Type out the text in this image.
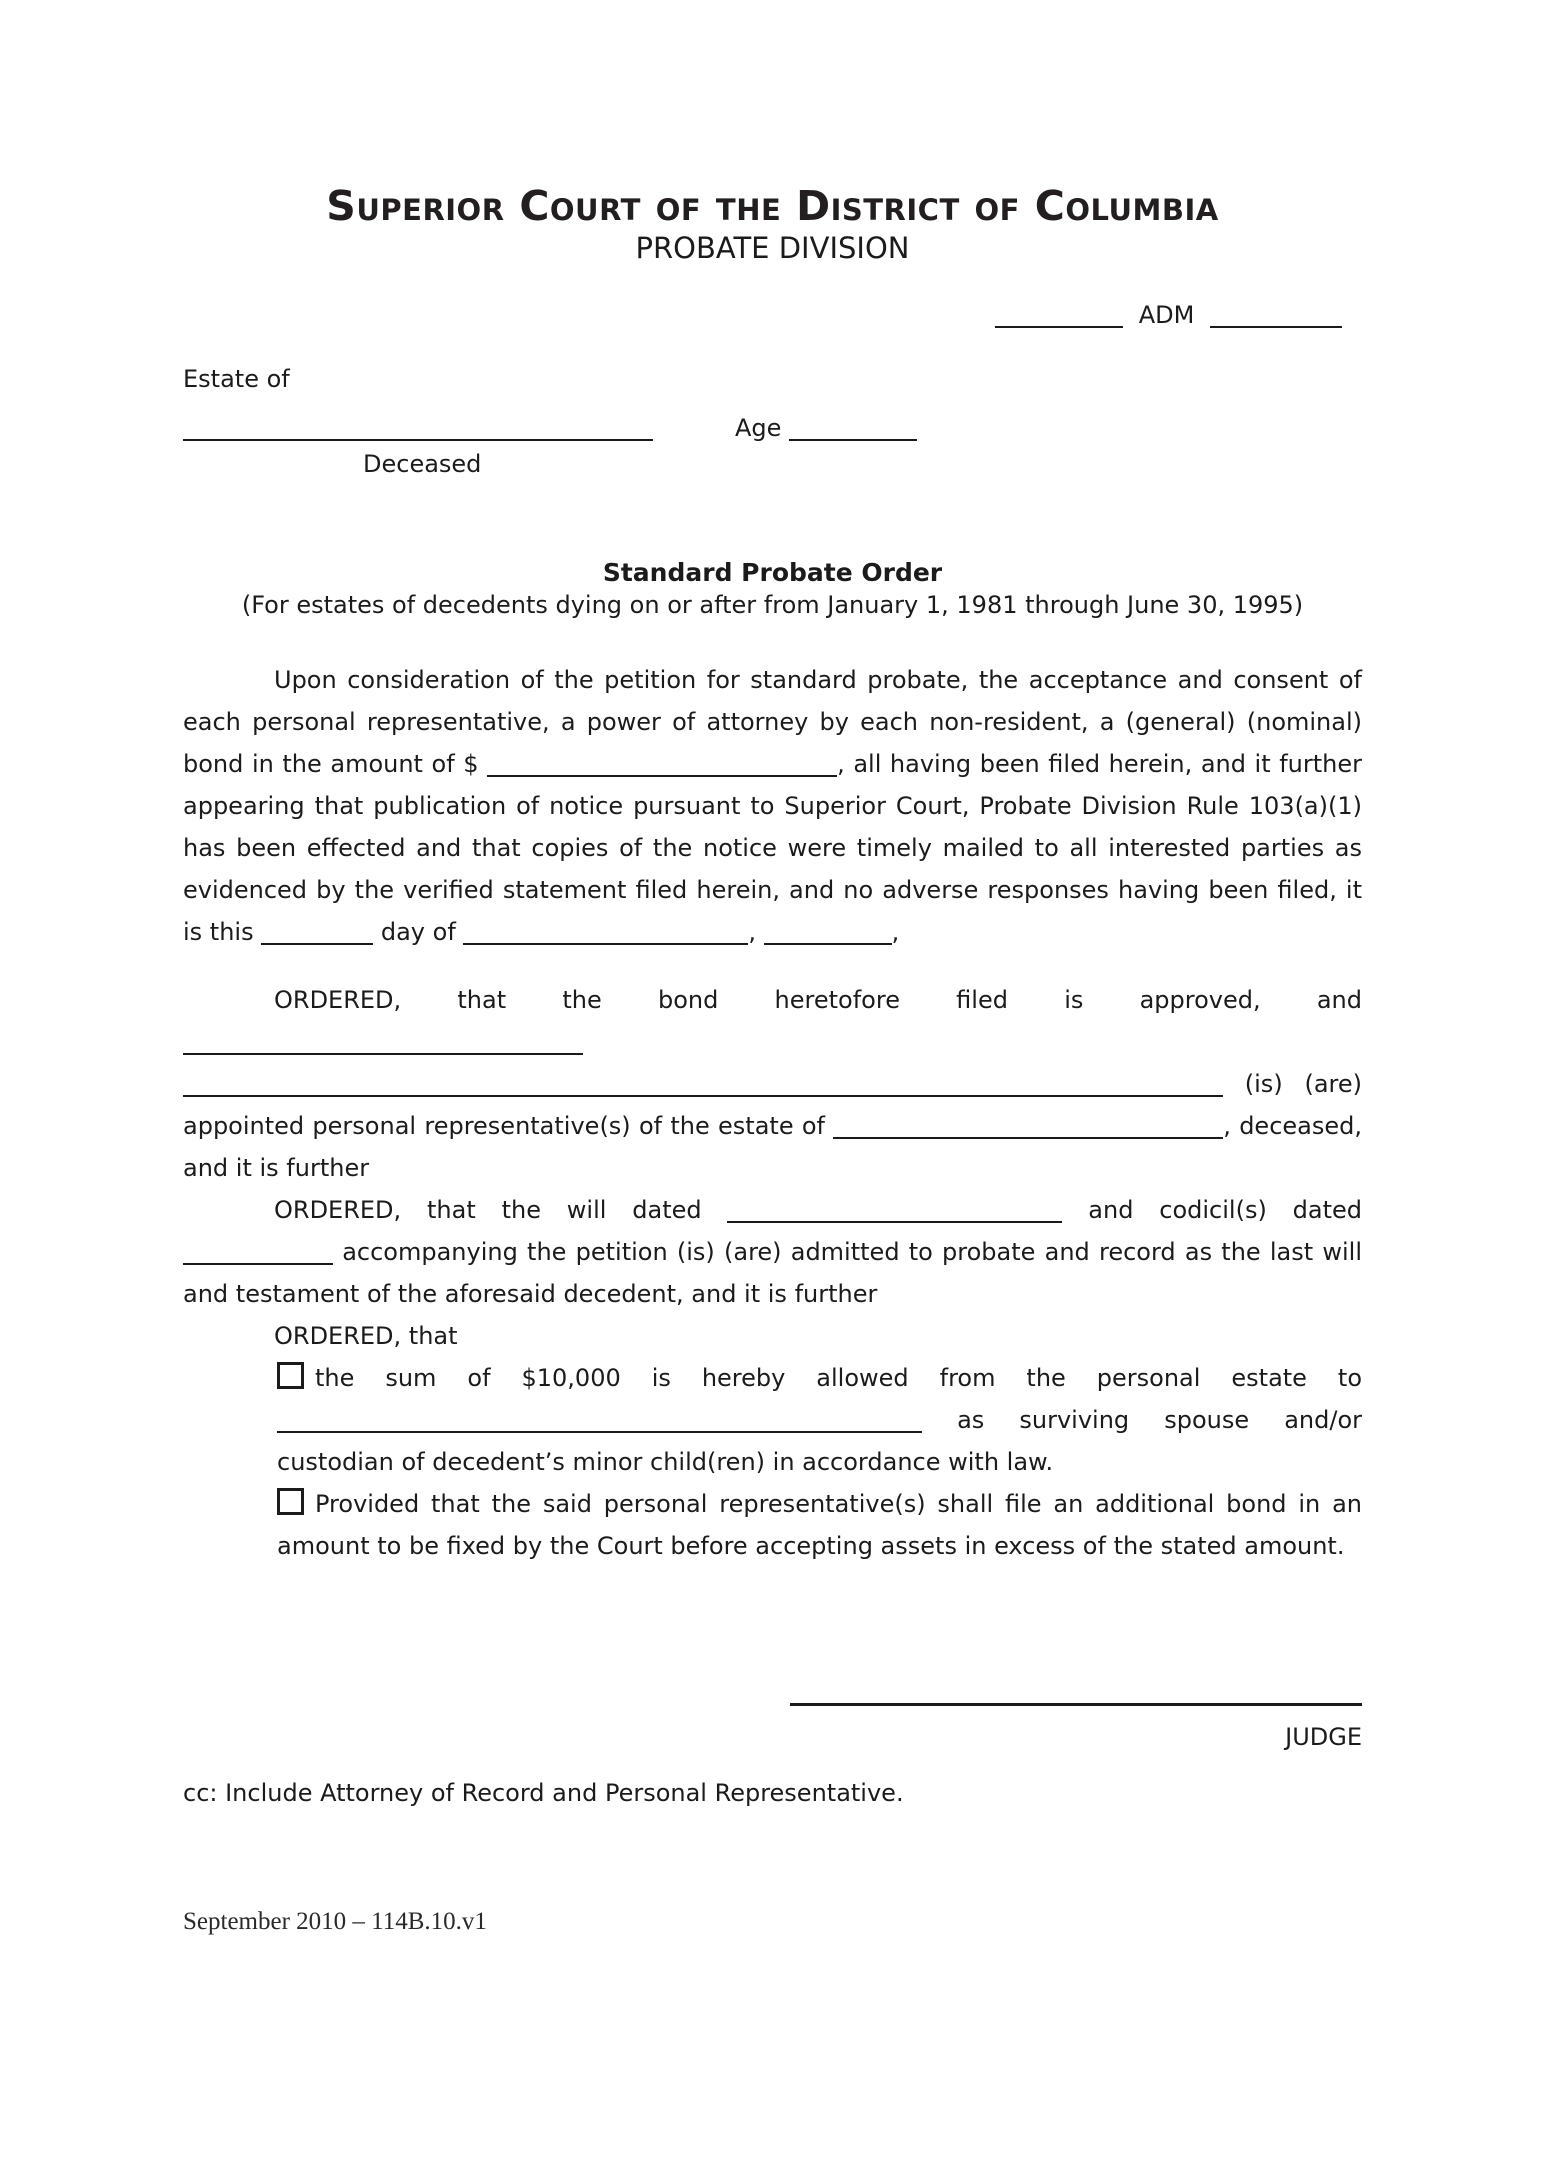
Superior Court of the District of Columbia
PROBATE DIVISION
ADM
Estate of
Age
Deceased
Standard Probate Order
(For estates of decedents dying on or after from January 1, 1981 through June 30, 1995)

Upon consideration of the petition for standard probate, the acceptance and consent of each personal representative, a power of attorney by each non-resident, a (general) (nominal) bond in the amount of $	, all having been filed herein, and it further appearing that publication of notice pursuant to Superior Court, Probate Division Rule 103(a)(1) has been effected and that copies of the notice were timely mailed to all interested parties as evidenced by the verified statement filed herein, and no adverse responses having been filed, it is this	day of	,	,

ORDERED, that the bond heretofore filed is approved, and   (is) (are) appointed personal representative(s) of the estate of	, deceased, and it is further

ORDERED, that the will dated	and codicil(s) dated  accompanying the petition (is) (are) admitted to probate and record as the last will and testament of the aforesaid decedent, and it is further

ORDERED, that

the sum of $10,000 is hereby allowed from the personal estate to  as surviving spouse and/or custodian of decedent’s minor child(ren) in accordance with law.
Provided that the said personal representative(s) shall file an additional bond in an amount to be fixed by the Court before accepting assets in excess of the stated amount.
JUDGE
cc: Include Attorney of Record and Personal Representative.
September 2010 – 114B.10.v1
